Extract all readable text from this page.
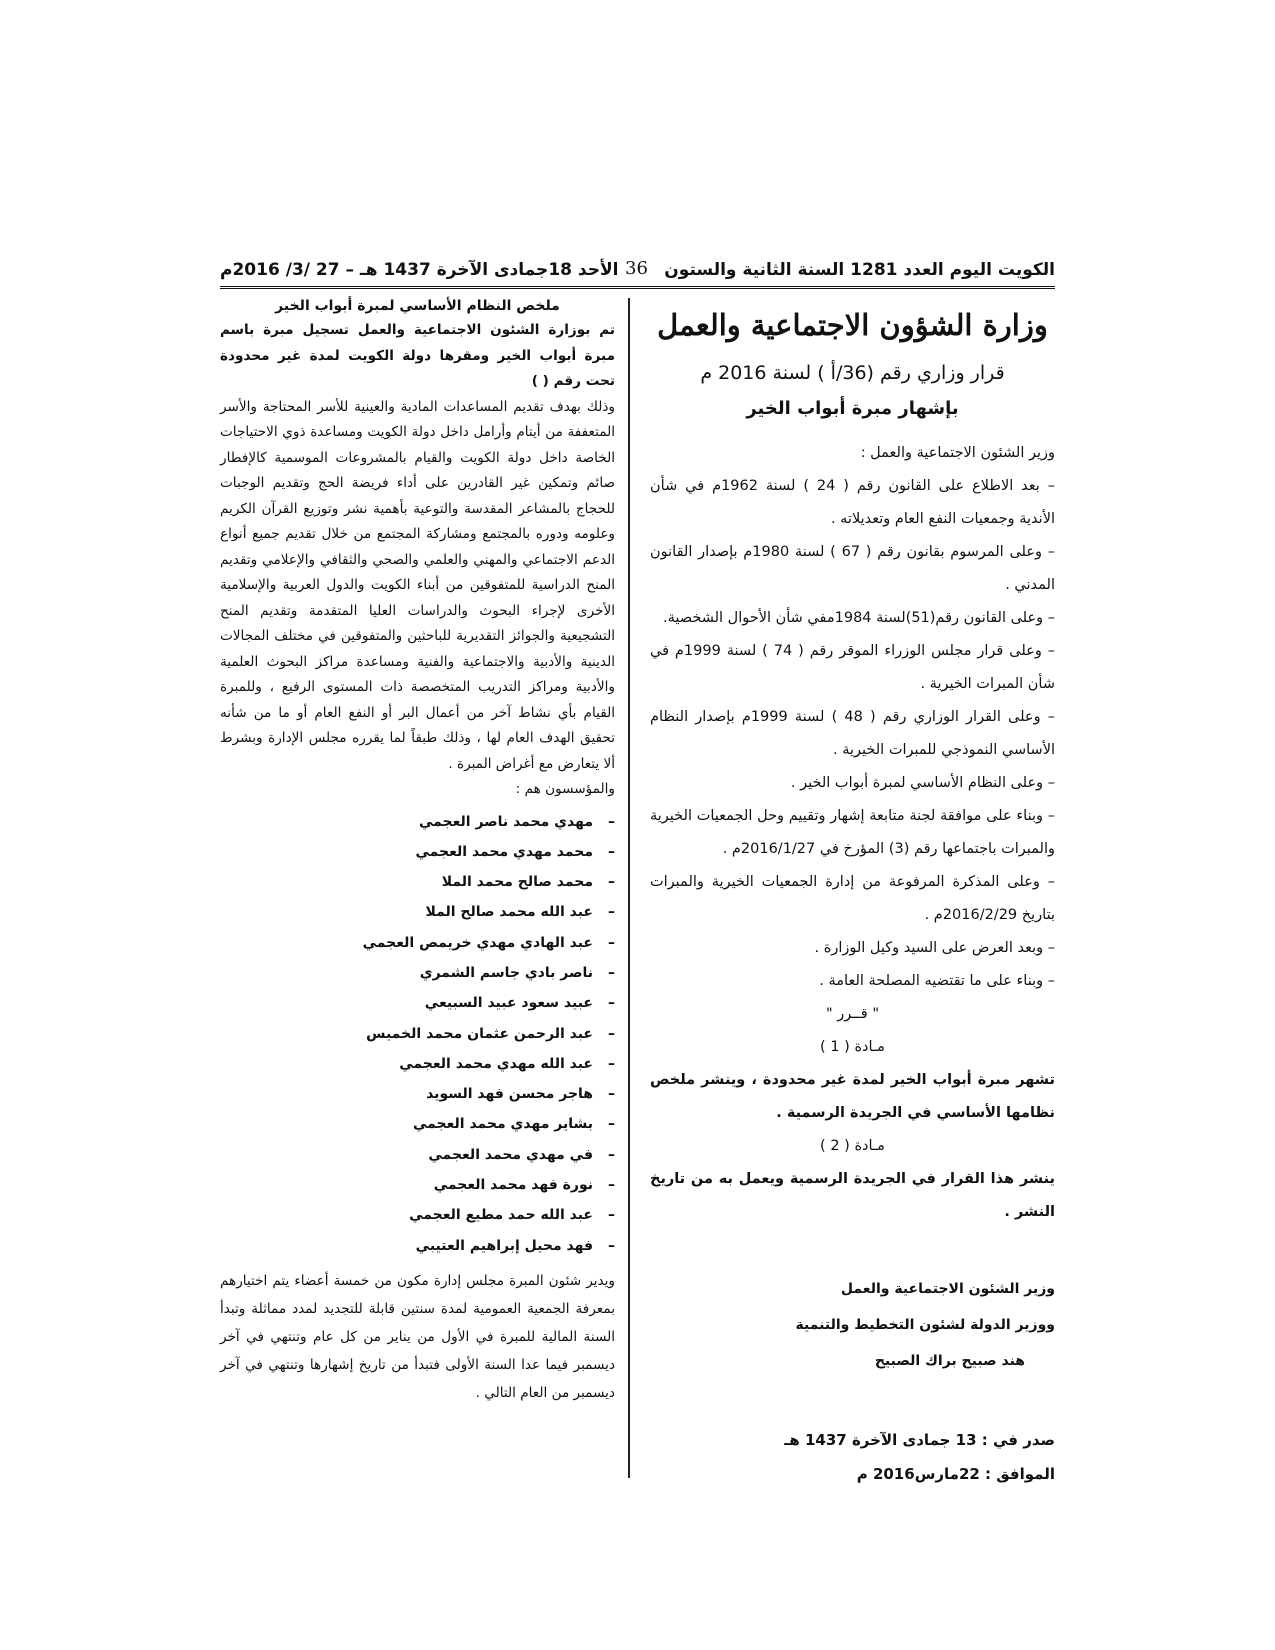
الكويت اليوم العدد 1281 السنة الثانية والستون
36
الأحد 18جمادى الآخرة 1437 هـ – 27 /3/ 2016م
وزارة الشؤون الاجتماعية والعمل
قرار وزاري رقم (36/أ ) لسنة 2016 م
بإشهار مبرة أبواب الخير

وزير الشئون الاجتماعية والعمل :

– بعد الاطلاع على القانون رقم ( 24 ) لسنة 1962م في شأن الأندية وجمعيات النفع العام وتعديلاته .

– وعلى المرسوم بقانون رقم ( 67 ) لسنة 1980م بإصدار القانون المدني .

– وعلى القانون رقم(51)لسنة 1984مفي شأن الأحوال الشخصية.

– وعلى قرار مجلس الوزراء الموقر رقم ( 74 ) لسنة 1999م في شأن المبرات الخيرية .

– وعلى القرار الوزاري رقم ( 48 ) لسنة 1999م بإصدار النظام الأساسي النموذجي للمبرات الخيرية .

– وعلى النظام الأساسي لمبرة أبواب الخير .

– وبناء على موافقة لجنة متابعة إشهار وتقييم وحل الجمعيات الخيرية والمبرات باجتماعها رقم (3) المؤرخ في 2016/1/27م .

– وعلى المذكرة المرفوعة من إدارة الجمعيات الخيرية والمبرات بتاريخ 2016/2/29م .

– وبعد العرض على السيد وكيل الوزارة .

– وبناء على ما تقتضيه المصلحة العامة .

" قــرر "

مـادة ( 1 )

تشهر مبرة أبواب الخير لمدة غير محدودة ، وينشر ملخص نظامها الأساسي في الجريدة الرسمية .

مـادة ( 2 )

ينشر هذا القرار في الجريدة الرسمية ويعمل به من تاريخ النشر .

وزير الشئون الاجتماعية والعمل

ووزير الدولة لشئون التخطيط والتنمية

هند صبيح براك الصبيح

صدر في : 13 جمادى الآخرة 1437 هـ

الموافق : 22مارس2016 م

ملخص النظام الأساسي لمبرة أبواب الخير

تم بوزارة الشئون الاجتماعية والعمل تسجيل مبرة باسم مبرة أبواب الخير ومقرها دولة الكويت لمدة غير محدودة تحت رقم ( )

وذلك بهدف تقديم المساعدات المادية والعينية للأسر المحتاجة والأسر المتعففة من أيتام وأرامل داخل دولة الكويت ومساعدة ذوي الاحتياجات الخاصة داخل دولة الكويت والقيام بالمشروعات الموسمية كالإفطار صائم وتمكين غير القادرين على أداء فريضة الحج وتقديم الوجبات للحجاج بالمشاعر المقدسة والتوعية بأهمية نشر وتوزيع القرآن الكريم وعلومه ودوره بالمجتمع ومشاركة المجتمع من خلال تقديم جميع أنواع الدعم الاجتماعي والمهني والعلمي والصحي والثقافي والإعلامي وتقديم المنح الدراسية للمتفوقين من أبناء الكويت والدول العربية والإسلامية الأخرى لإجراء البحوث والدراسات العليا المتقدمة وتقديم المنح التشجيعية والجوائز التقديرية للباحثين والمتفوقين في مختلف المجالات الدينية والأدبية والاجتماعية والفنية ومساعدة مراكز البحوث العلمية والأدبية ومراكز التدريب المتخصصة ذات المستوى الرفيع ، وللمبرة القيام بأي نشاط آخر من أعمال البر أو النفع العام أو ما من شأنه تحقيق الهدف العام لها ، وذلك طبقاً لما يقرره مجلس الإدارة وبشرط ألا يتعارض مع أغراض المبرة .

والمؤسسون هم :

–مهدي محمد ناصر العجمي
–محمد مهدي محمد العجمي
–محمد صالح محمد الملا
–عبد الله محمد صالح الملا
–عبد الهادي مهدي خريمص العجمي
–ناصر بادي جاسم الشمري
–عبيد سعود عبيد السبيعي
–عبد الرحمن عثمان محمد الخميس
–عبد الله مهدي محمد العجمي
–هاجر محسن فهد السويد
–بشاير مهدي محمد العجمي
–في مهدي محمد العجمي
–نورة فهد محمد العجمي
–عبد الله حمد مطيع العجمي
–فهد محيل إبراهيم العتيبي

ويدير شئون المبرة مجلس إدارة مكون من خمسة أعضاء يتم اختيارهم بمعرفة الجمعية العمومية لمدة سنتين قابلة للتجديد لمدد مماثلة وتبدأ السنة المالية للمبرة في الأول من يناير من كل عام وتنتهي في آخر ديسمبر فيما عدا السنة الأولى فتبدأ من تاريخ إشهارها وتنتهي في آخر ديسمبر من العام التالي .
